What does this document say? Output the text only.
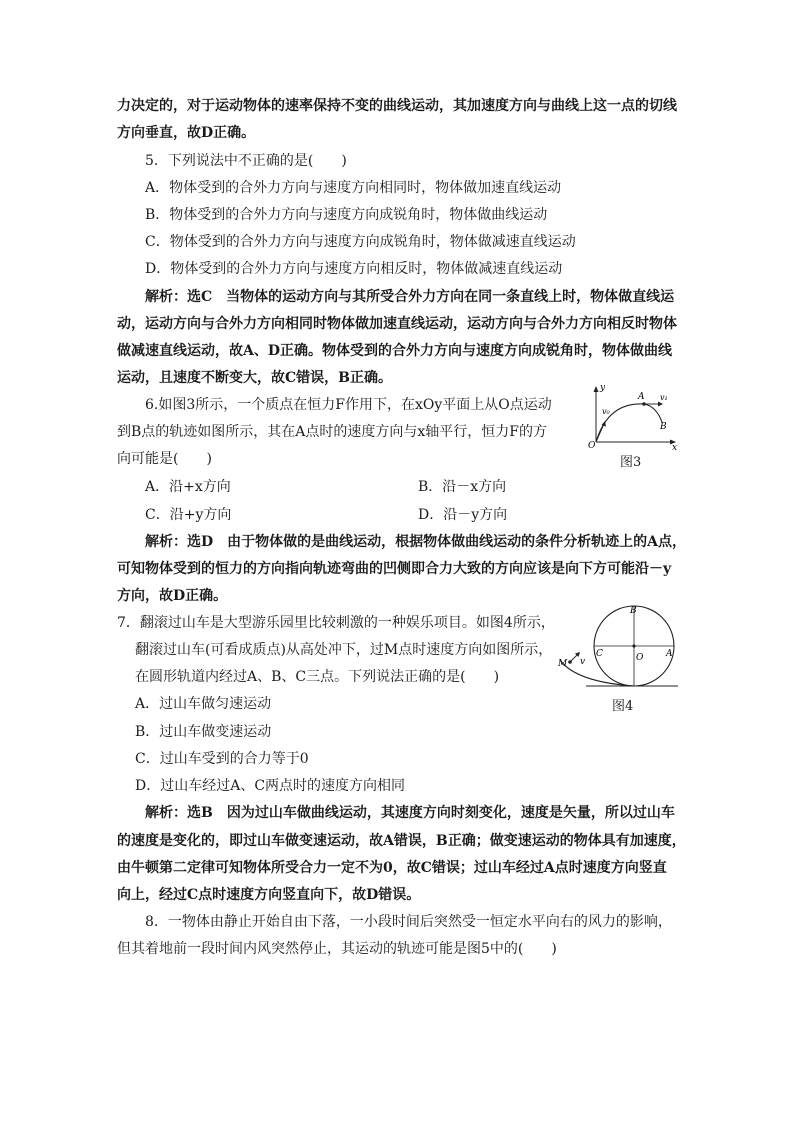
力决定的，对于运动物体的速率保持不变的曲线运动，其加速度方向与曲线上这一点的切线
方向垂直，故D正确。
5．下列说法中不正确的是(　　)
A．物体受到的合外力方向与速度方向相同时，物体做加速直线运动
B．物体受到的合外力方向与速度方向成锐角时，物体做曲线运动
C．物体受到的合外力方向与速度方向成锐角时，物体做减速直线运动
D．物体受到的合外力方向与速度方向相反时，物体做减速直线运动
解析：选C　当物体的运动方向与其所受合外力方向在同一条直线上时，物体做直线运
动，运动方向与合外力方向相同时物体做加速直线运动，运动方向与合外力方向相反时物体
做减速直线运动，故A、D正确。物体受到的合外力方向与速度方向成锐角时，物体做曲线
运动，且速度不断变大，故C错误，B正确。
6.如图3所示，一个质点在恒力F作用下，在xOy平面上从O点运动
到B点的轨迹如图所示，其在A点时的速度方向与x轴平行，恒力F的方
向可能是(　　)
y
x
O
v₀
A v₁
B
图3
A．沿+x方向	B．沿－x方向
C．沿+y方向	D．沿－y方向
解析：选D　由于物体做的是曲线运动，根据物体做曲线运动的条件分析轨迹上的A点，
可知物体受到的恒力的方向指向轨迹弯曲的凹侧即合力大致的方向应该是向下方可能沿－y
方向，故D正确。
7．翻滚过山车是大型游乐园里比较刺激的一种娱乐项目。如图4所示，
翻滚过山车(可看成质点)从高处冲下，过M点时速度方向如图所示，
在圆形轨道内经过A、B、C三点。下列说法正确的是(　　)
B
C	A
O
M v
图4
A．过山车做匀速运动
B．过山车做变速运动
C．过山车受到的合力等于0
D．过山车经过A、C两点时的速度方向相同
解析：选B　因为过山车做曲线运动，其速度方向时刻变化，速度是矢量，所以过山车
的速度是变化的，即过山车做变速运动，故A错误，B正确；做变速运动的物体具有加速度，
由牛顿第二定律可知物体所受合力一定不为0，故C错误；过山车经过A点时速度方向竖直
向上，经过C点时速度方向竖直向下，故D错误。
8．一物体由静止开始自由下落，一小段时间后突然受一恒定水平向右的风力的影响，
但其着地前一段时间内风突然停止，其运动的轨迹可能是图5中的(　　)
